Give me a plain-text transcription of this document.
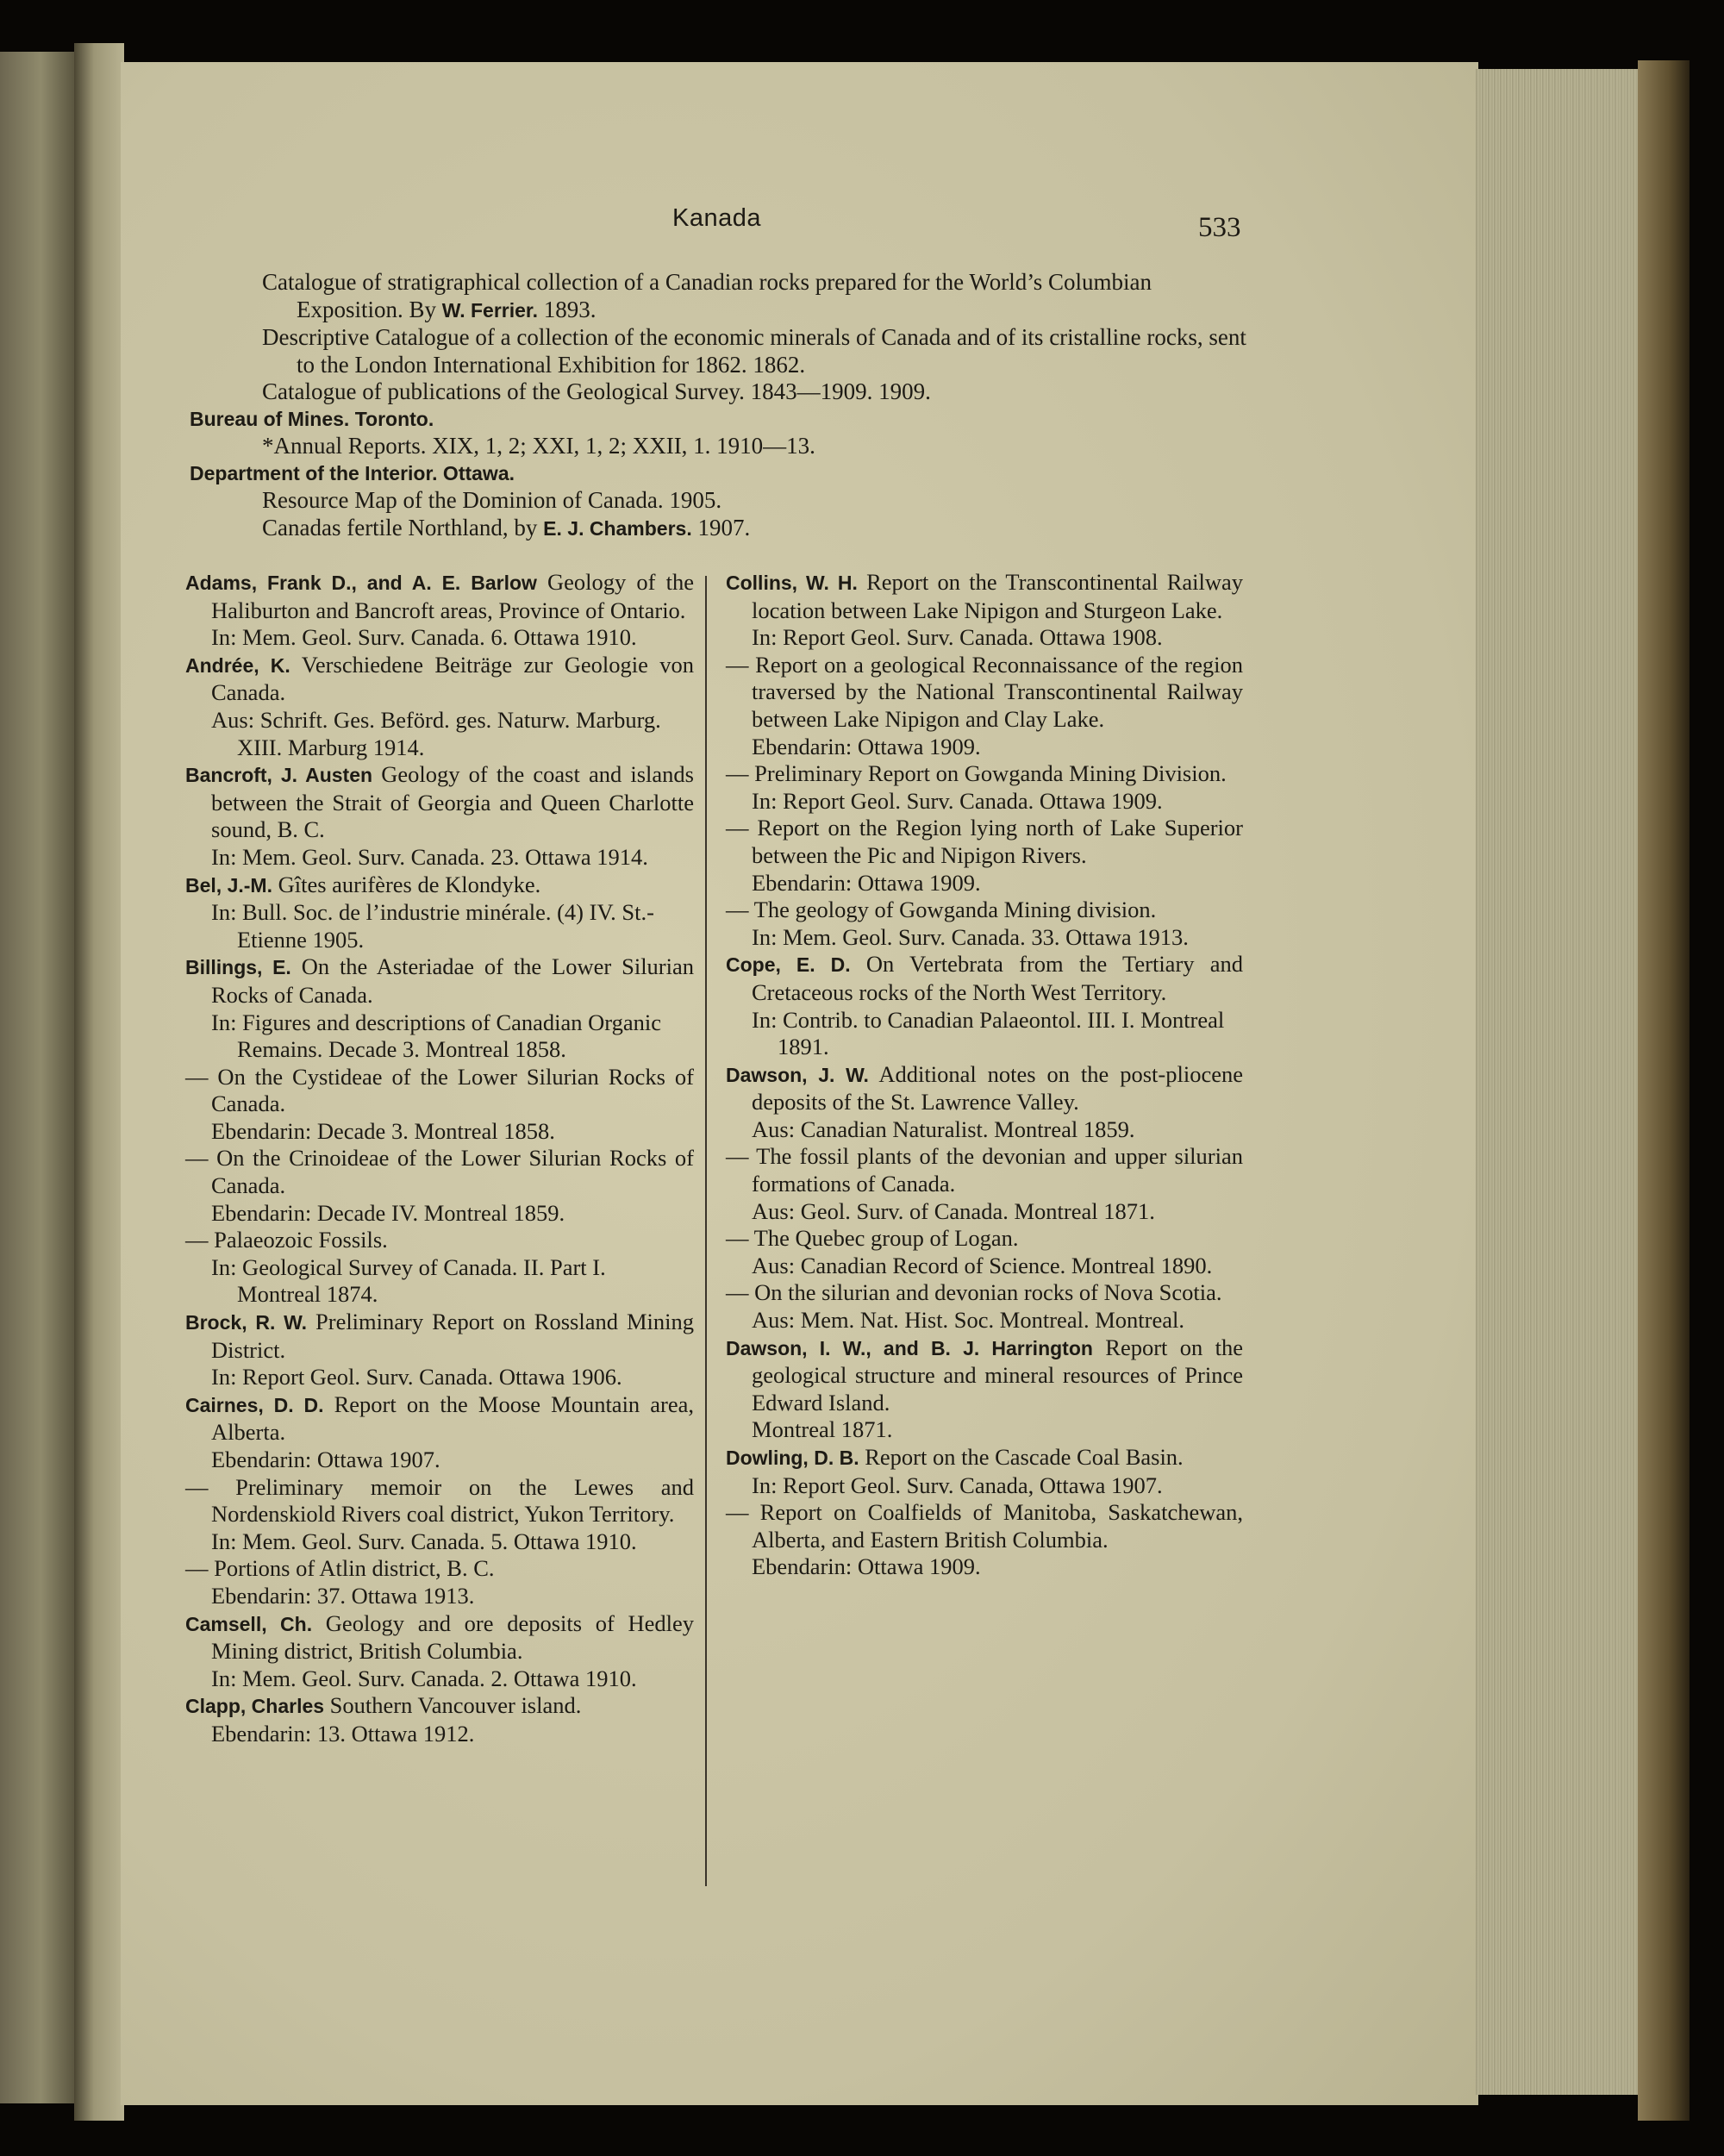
Kanada	533

Catalogue of stratigraphical collection of a Canadian rocks prepared for the World’s Columbian Exposition. By W. Ferrier. 1893.

Descriptive Catalogue of a collection of the economic minerals of Canada and of its cristalline rocks, sent to the London International Exhibition for 1862. 1862.

Catalogue of publications of the Geological Survey. 1843—1909. 1909.

Bureau of Mines. Toronto.

*Annual Reports. XIX, 1, 2; XXI, 1, 2; XXII, 1. 1910—13.

Department of the Interior. Ottawa.

Resource Map of the Dominion of Canada. 1905.

Canadas fertile Northland, by E. J. Chambers. 1907.

Adams, Frank D., and A. E. Barlow Geology of the Haliburton and Bancroft areas, Province of Ontario.

In: Mem. Geol. Surv. Canada. 6. Ottawa 1910.

Andrée, K. Verschiedene Beiträge zur Geologie von Canada.

Aus: Schrift. Ges. Beförd. ges. Naturw. Marburg. XIII. Marburg 1914.

Bancroft, J. Austen Geology of the coast and islands between the Strait of Georgia and Queen Charlotte sound, B. C.

In: Mem. Geol. Surv. Canada. 23. Ottawa 1914.

Bel, J.-M. Gîtes aurifères de Klondyke.

In: Bull. Soc. de l’industrie minérale. (4) IV. St.-Etienne 1905.

Billings, E. On the Asteriadae of the Lower Silurian Rocks of Canada.

In: Figures and descriptions of Canadian Organic Remains. Decade 3. Montreal 1858.

— On the Cystideae of the Lower Silurian Rocks of Canada.

Ebendarin: Decade 3. Montreal 1858.

— On the Crinoideae of the Lower Silurian Rocks of Canada.

Ebendarin: Decade IV. Montreal 1859.

— Palaeozoic Fossils.

In: Geological Survey of Canada. II. Part I. Montreal 1874.

Brock, R. W. Preliminary Report on Rossland Mining District.

In: Report Geol. Surv. Canada. Ottawa 1906.

Cairnes, D. D. Report on the Moose Mountain area, Alberta.

Ebendarin: Ottawa 1907.

— Preliminary memoir on the Lewes and Nordenskiold Rivers coal district, Yukon Territory.

In: Mem. Geol. Surv. Canada. 5. Ottawa 1910.

— Portions of Atlin district, B. C.

Ebendarin: 37. Ottawa 1913.

Camsell, Ch. Geology and ore deposits of Hedley Mining district, British Columbia.

In: Mem. Geol. Surv. Canada. 2. Ottawa 1910.

Clapp, Charles Southern Vancouver island.

Ebendarin: 13. Ottawa 1912.

Collins, W. H. Report on the Transcontinental Railway location between Lake Nipigon and Sturgeon Lake.

In: Report Geol. Surv. Canada. Ottawa 1908.

— Report on a geological Reconnaissance of the region traversed by the National Transcontinental Railway between Lake Nipigon and Clay Lake.

Ebendarin: Ottawa 1909.

— Preliminary Report on Gowganda Mining Division.

In: Report Geol. Surv. Canada. Ottawa 1909.

— Report on the Region lying north of Lake Superior between the Pic and Nipigon Rivers.

Ebendarin: Ottawa 1909.

— The geology of Gowganda Mining division.

In: Mem. Geol. Surv. Canada. 33. Ottawa 1913.

Cope, E. D. On Vertebrata from the Tertiary and Cretaceous rocks of the North West Territory.

In: Contrib. to Canadian Palaeontol. III. I. Montreal 1891.

Dawson, J. W. Additional notes on the post-pliocene deposits of the St. Lawrence Valley.

Aus: Canadian Naturalist. Montreal 1859.

— The fossil plants of the devonian and upper silurian formations of Canada.

Aus: Geol. Surv. of Canada. Montreal 1871.

— The Quebec group of Logan.

Aus: Canadian Record of Science. Montreal 1890.

— On the silurian and devonian rocks of Nova Scotia.

Aus: Mem. Nat. Hist. Soc. Montreal. Montreal.

Dawson, I. W., and B. J. Harrington Report on the geological structure and mineral resources of Prince Edward Island.

Montreal 1871.

Dowling, D. B. Report on the Cascade Coal Basin.

In: Report Geol. Surv. Canada, Ottawa 1907.

— Report on Coalfields of Manitoba, Saskatchewan, Alberta, and Eastern British Columbia.

Ebendarin: Ottawa 1909.
